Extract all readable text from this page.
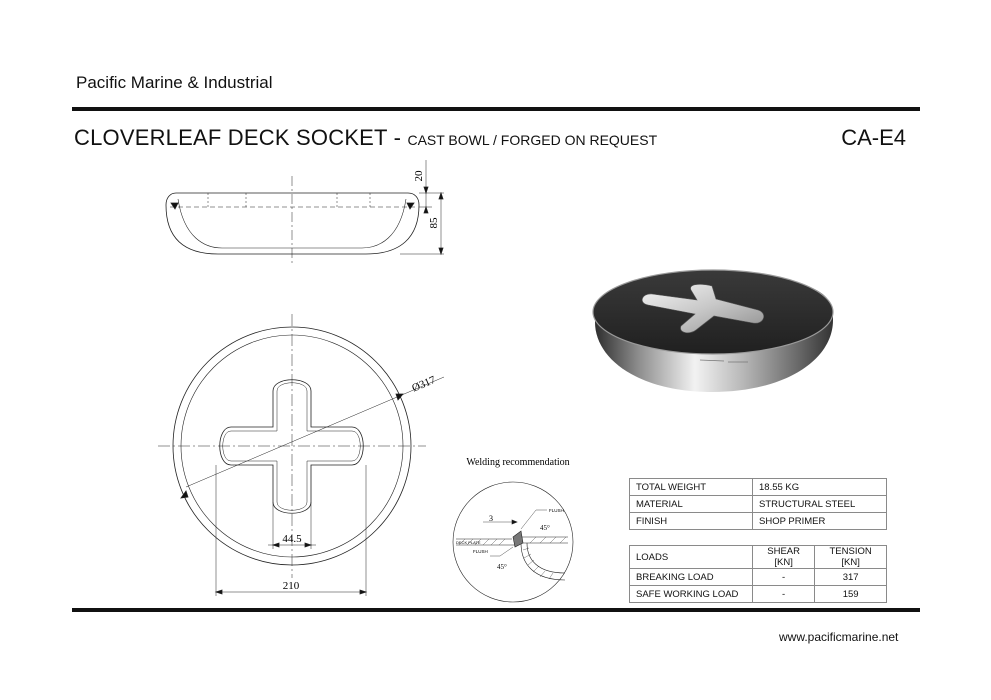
Pacific Marine & Industrial
CLOVERLEAF DECK SOCKET - CAST BOWL / FORGED ON REQUEST	CA-E4
20
85
Ø317
44.5
210
Welding recommendation
3
45°
FLUSH
FLUSH
DECK PLATE
45°
TOTAL WEIGHT	18.55 KG
MATERIAL	STRUCTURAL STEEL
FINISH	SHOP PRIMER
LOADS	SHEAR [KN]	TENSION [KN]
BREAKING LOAD	-	317
SAFE WORKING LOAD	-	159
www.pacificmarine.net
